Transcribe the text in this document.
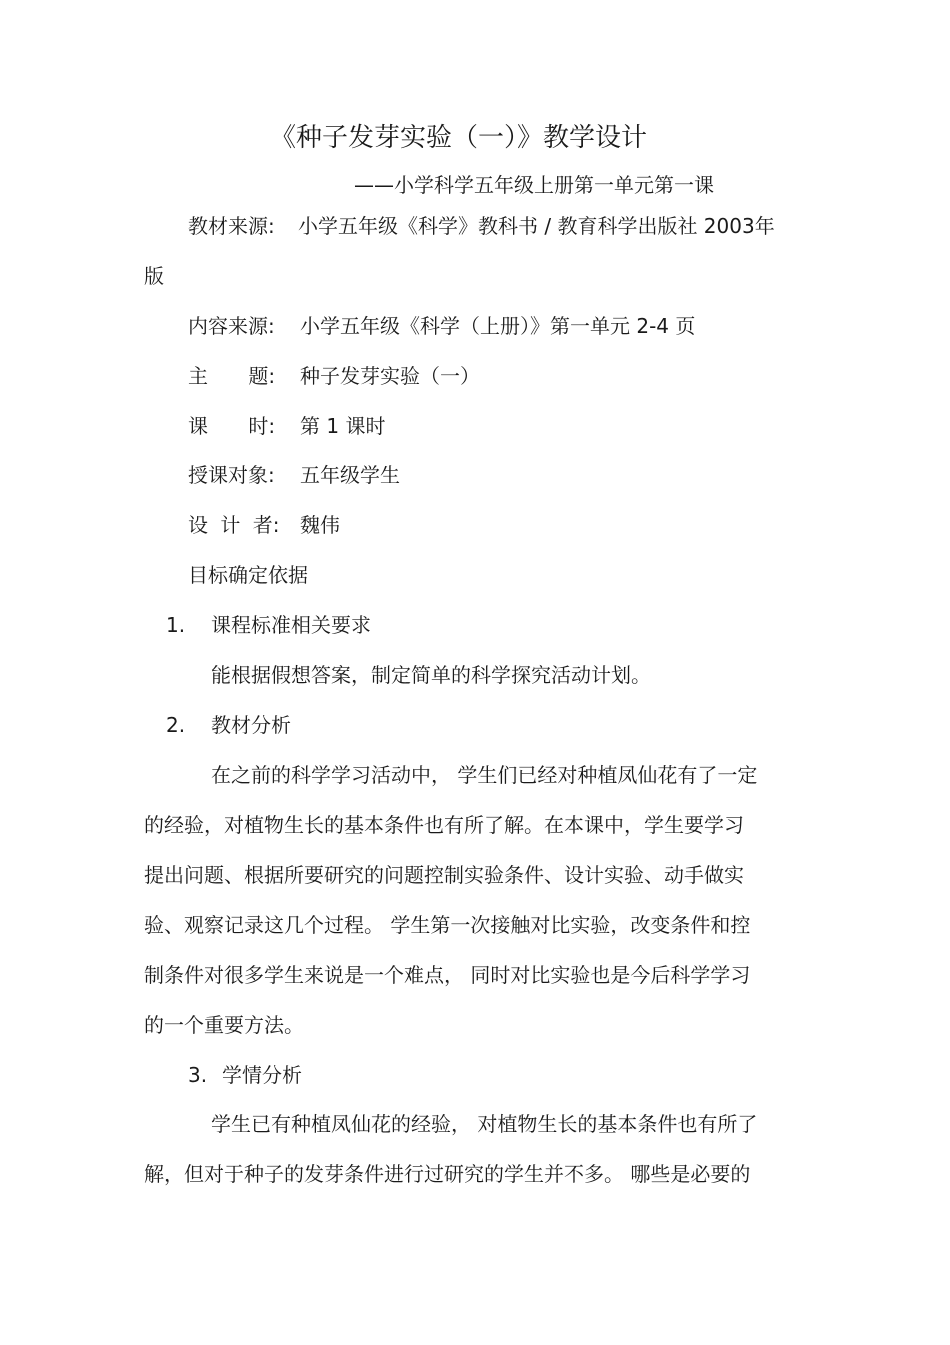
《种子发芽实验（一）》教学设计
——小学科学五年级上册第一单元第一课
教材来源: 小学五年级《科学》教科书 / 教育科学出版社 2003年
版
内容来源: 小学五年级《科学（上册）》第一单元 2-4 页
主 题: 种子发芽实验（一）
课 时: 第 1 课时
授课对象: 五年级学生
设 计 者: 魏伟
目标确定依据
1. 课程标准相关要求
能根据假想答案，制定简单的科学探究活动计划。
2. 教材分析
在之前的科学学习活动中， 学生们已经对种植凤仙花有了一定
的经验，对植物生长的基本条件也有所了解。在本课中，学生要学习
提出问题、根据所要研究的问题控制实验条件、设计实验、动手做实
验、观察记录这几个过程。 学生第一次接触对比实验，改变条件和控
制条件对很多学生来说是一个难点， 同时对比实验也是今后科学学习
的一个重要方法。
3. 学情分析
学生已有种植凤仙花的经验， 对植物生长的基本条件也有所了
解，但对于种子的发芽条件进行过研究的学生并不多。 哪些是必要的
